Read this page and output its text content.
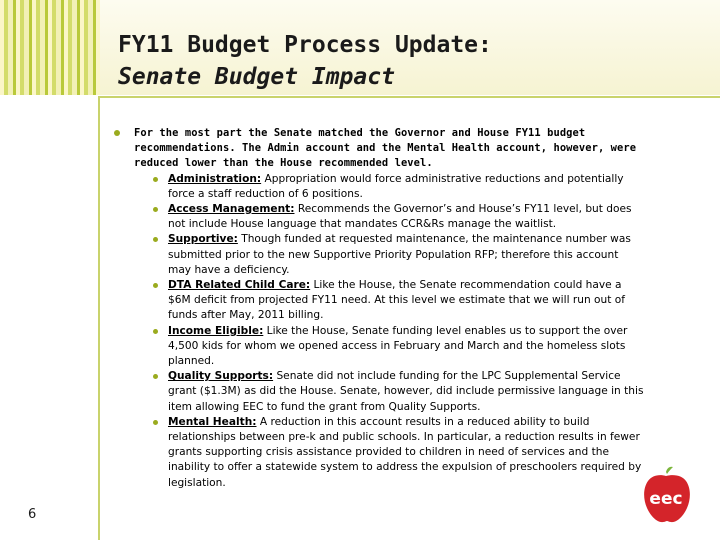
FY11 Budget Process Update:
Senate Budget Impact
For the most part the Senate matched the Governor and House FY11 budget recommendations. The Admin account and the Mental Health account, however, were reduced lower than the House recommended level.
Administration: Appropriation would force administrative reductions and potentially force a staff reduction of 6 positions.
Access Management: Recommends the Governor’s and House’s FY11 level, but does not include House language that mandates CCR&Rs manage the waitlist.
Supportive: Though funded at requested maintenance, the maintenance number was submitted prior to the new Supportive Priority Population RFP; therefore this account may have a deficiency.
DTA Related Child Care: Like the House, the Senate recommendation could have a $6M deficit from projected FY11 need. At this level we estimate that we will run out of funds after May, 2011 billing.
Income Eligible: Like the House, Senate funding level enables us to support the over 4,500 kids for whom we opened access in February and March and the homeless slots planned.
Quality Supports: Senate did not include funding for the LPC Supplemental Service grant ($1.3M) as did the House. Senate, however, did include permissive language in this item allowing EEC to fund the grant from Quality Supports.
Mental Health: A reduction in this account results in a reduced ability to build relationships between pre-k and public schools. In particular, a reduction results in fewer grants supporting crisis assistance provided to children in need of services and the inability to offer a statewide system to address the expulsion of preschoolers required by legislation.
6
eec
